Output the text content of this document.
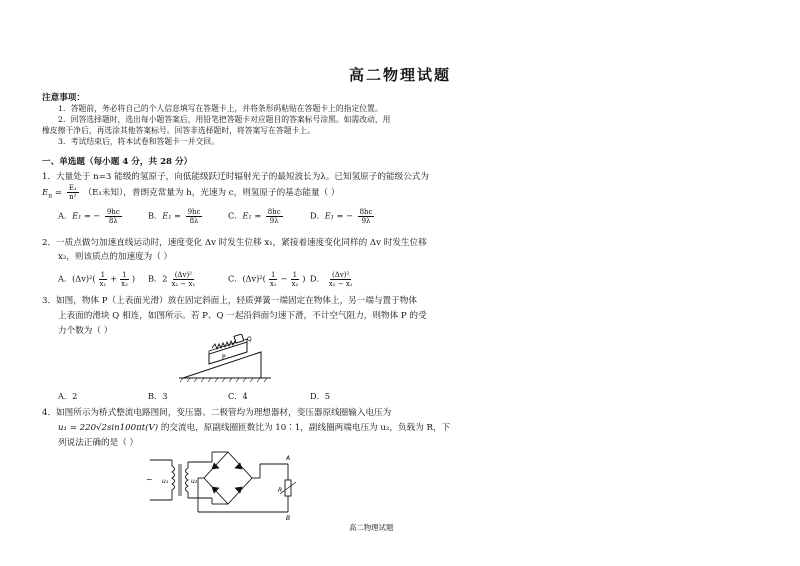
高二物理试题
注意事项：
1．答题前，务必将自己的个人信息填写在答题卡上，并将条形码粘贴在答题卡上的指定位置。
2．回答选择题时，选出每小题答案后，用铅笔把答题卡对应题目的答案标号涂黑。如需改动，用
橡皮擦干净后，再选涂其他答案标号。回答非选择题时，将答案写在答题卡上。
3．考试结束后，将本试卷和答题卡一并交回。
一、单选题（每小题 4 分，共 28 分）
1．大量处于 n=3 能级的氢原子，向低能级跃迁时辐射光子的最短波长为λ。已知氢原子的能级公式为
$E_n = \frac{\text{E₁}}{\text{n²}} (E_1$未知），普朗克常量为 h，光速为 c，则氢原子的基态能量（ ）
A．E₁ = − $\frac{9hc}{8\lambda}$	B．$E_1 = \frac{9hc}{8\lambda}$	C．$E_1 = \frac{8hc}{9\lambda}$	D．E₁ = − $\frac{8hc}{9\lambda}$
2．一质点做匀加速直线运动时，速度变化 Δv 时发生位移 x₁，紧接着速度变化同样的 Δv 时发生位移
x₂，则该质点的加速度为（ ）
A．$(\Delta v)^2( \frac{1}{\text{x₁}} + \frac{1}{\text{x₂}}$ ) B．$2 \frac{\text{(Δv)²}}{\text{x₂ − x₁}}$	C．$(\Delta v)^2( \frac{1}{\text{x₁}} - \frac{1}{\text{x₂}}$ ) D． $\frac{\text{(Δv)²}}{\text{x₂ − x₁}}$
3．如图，物体 P（上表面光滑）放在固定斜面上，轻质弹簧一端固定在物体上，另一端与置于物体
上表面的滑块 Q 相连，如图所示。若 P、Q 一起沿斜面匀速下滑，不计空气阻力，则物体 P 的受
力个数为（ ）
Q
P
A．2	B．3	C．4	D．5
4．如图所示为桥式整流电路图间，变压器、二极管均为理想器材，变压器原线圈输入电压为
u₁ = 220√2sin100πt(V) 的交流电，原副线圈匝数比为 10∶1，副线圈两端电压为 u₂，负载为 R，下
列说法正确的是（ ）
~ u₁	u₂
A
R
B
高二物理试题
